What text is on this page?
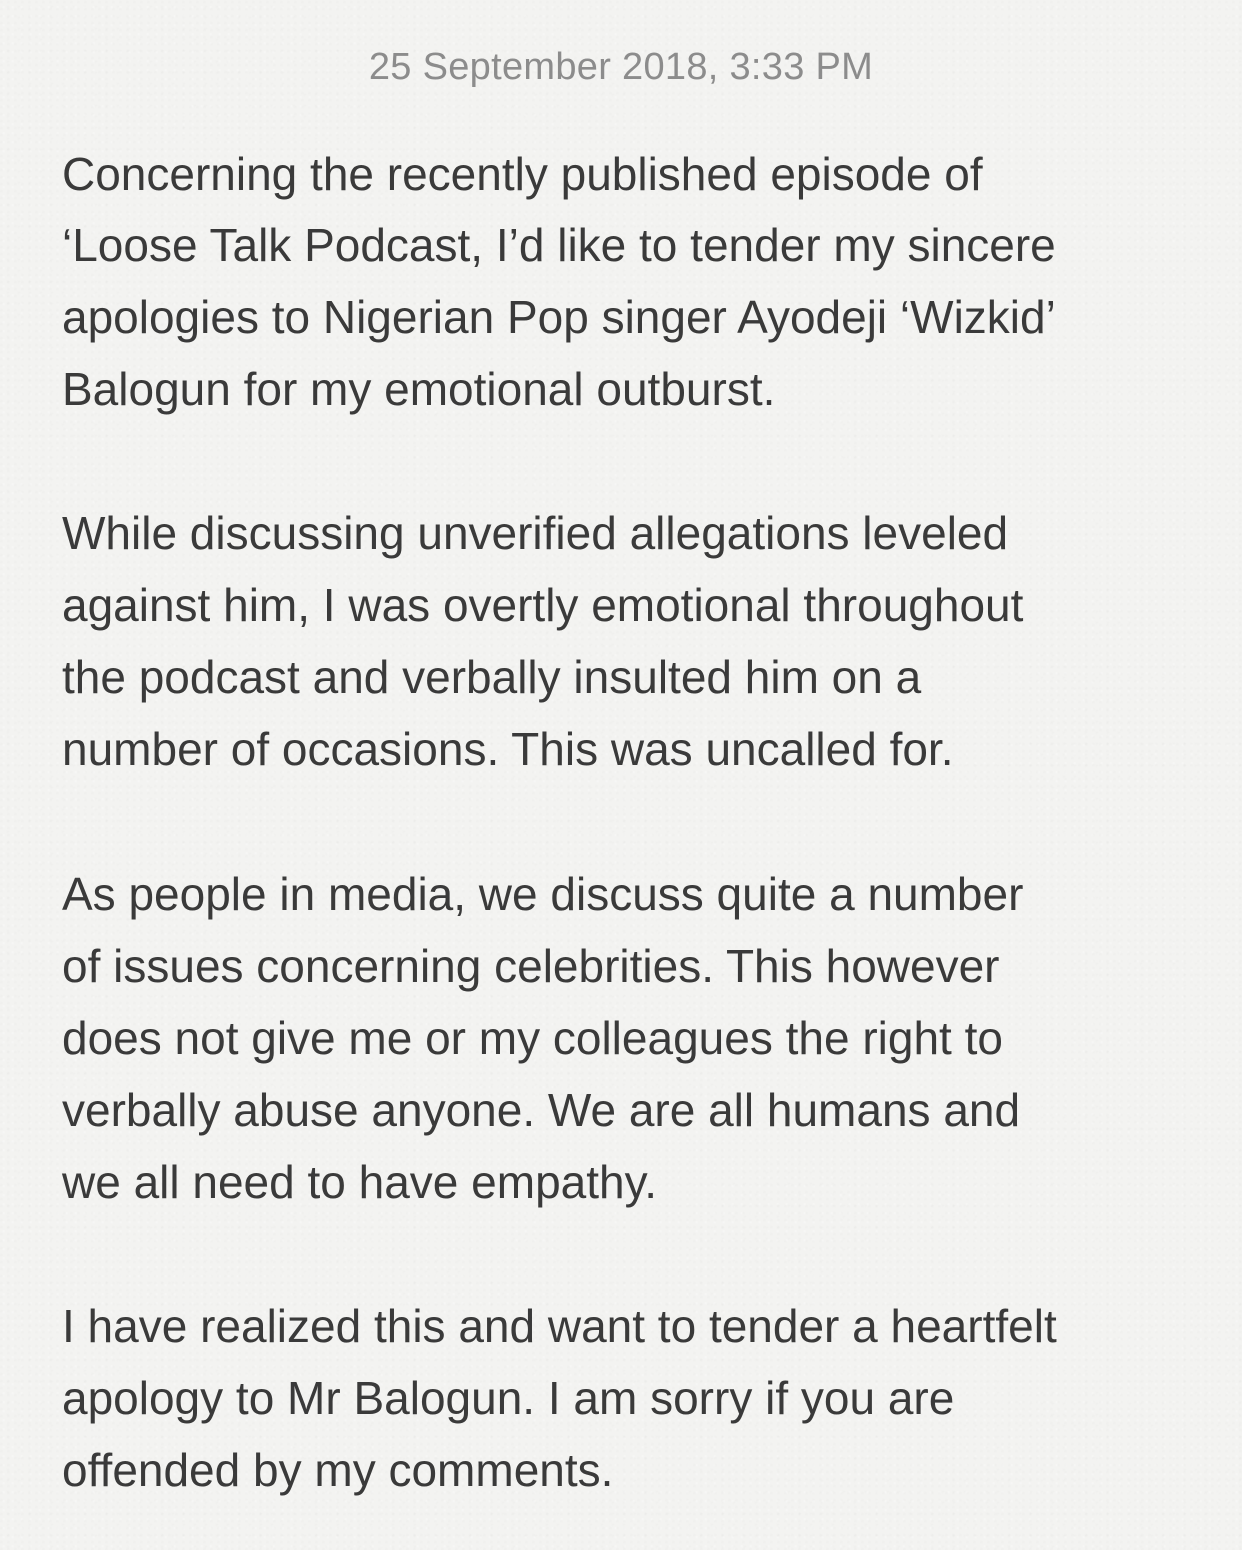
25 September 2018, 3:33 PM
Concerning the recently published episode of
‘Loose Talk Podcast, I’d like to tender my sincere
apologies to Nigerian Pop singer Ayodeji ‘Wizkid’
Balogun for my emotional outburst.
While discussing unverified allegations leveled
against him, I was overtly emotional throughout
the podcast and verbally insulted him on a
number of occasions. This was uncalled for.
As people in media, we discuss quite a number
of issues concerning celebrities. This however
does not give me or my colleagues the right to
verbally abuse anyone. We are all humans and
we all need to have empathy.
I have realized this and want to tender a heartfelt
apology to Mr Balogun. I am sorry if you are
offended by my comments.
